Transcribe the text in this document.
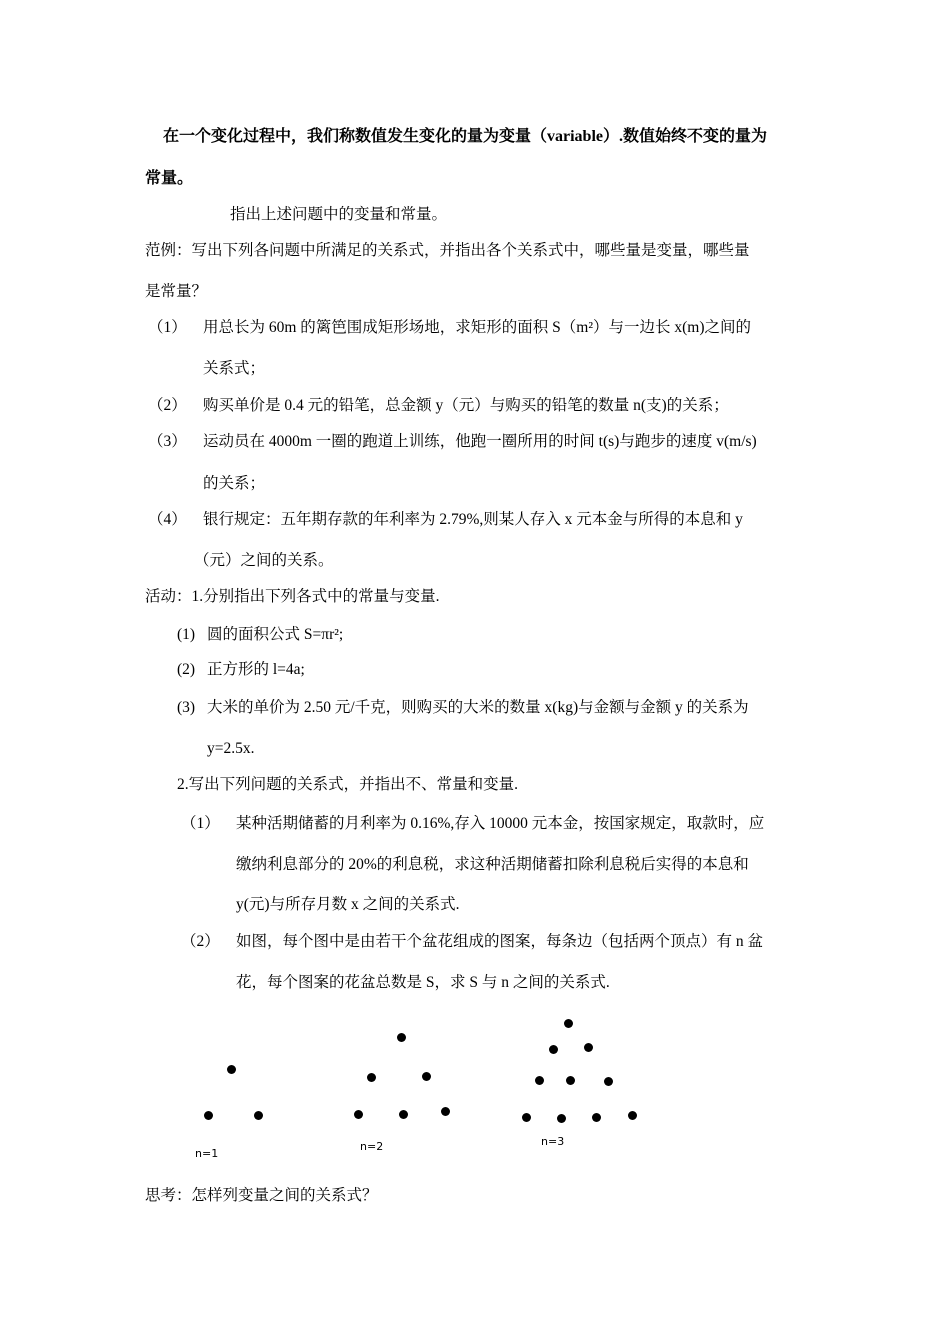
在一个变化过程中，我们称数值发生变化的量为变量（variable）.数值始终不变的量为
常量。
指出上述问题中的变量和常量。
范例：写出下列各问题中所满足的关系式，并指出各个关系式中，哪些量是变量，哪些量
是常量？
（1） 用总长为 60m 的篱笆围成矩形场地，求矩形的面积 S（m²）与一边长 x(m)之间的
关系式；
（2） 购买单价是 0.4 元的铅笔，总金额 y（元）与购买的铅笔的数量 n(支)的关系；
（3） 运动员在 4000m 一圈的跑道上训练，他跑一圈所用的时间 t(s)与跑步的速度 v(m/s)
的关系；
（4） 银行规定：五年期存款的年利率为 2.79%,则某人存入 x 元本金与所得的本息和 y
（元）之间的关系。
活动：1.分别指出下列各式中的常量与变量.
(1) 圆的面积公式 S=πr²;
(2) 正方形的 l=4a;
(3) 大米的单价为 2.50 元/千克，则购买的大米的数量 x(kg)与金额与金额 y 的关系为
y=2.5x.
2.写出下列问题的关系式，并指出不、常量和变量.
（1） 某种活期储蓄的月利率为 0.16%,存入 10000 元本金，按国家规定，取款时，应
缴纳利息部分的 20%的利息税，求这种活期储蓄扣除利息税后实得的本息和
y(元)与所存月数 x 之间的关系式.
（2） 如图，每个图中是由若干个盆花组成的图案，每条边（包括两个顶点）有 n 盆
花，每个图案的花盆总数是 S，求 S 与 n 之间的关系式.
n=1
n=2	n=3
思考：怎样列变量之间的关系式？
